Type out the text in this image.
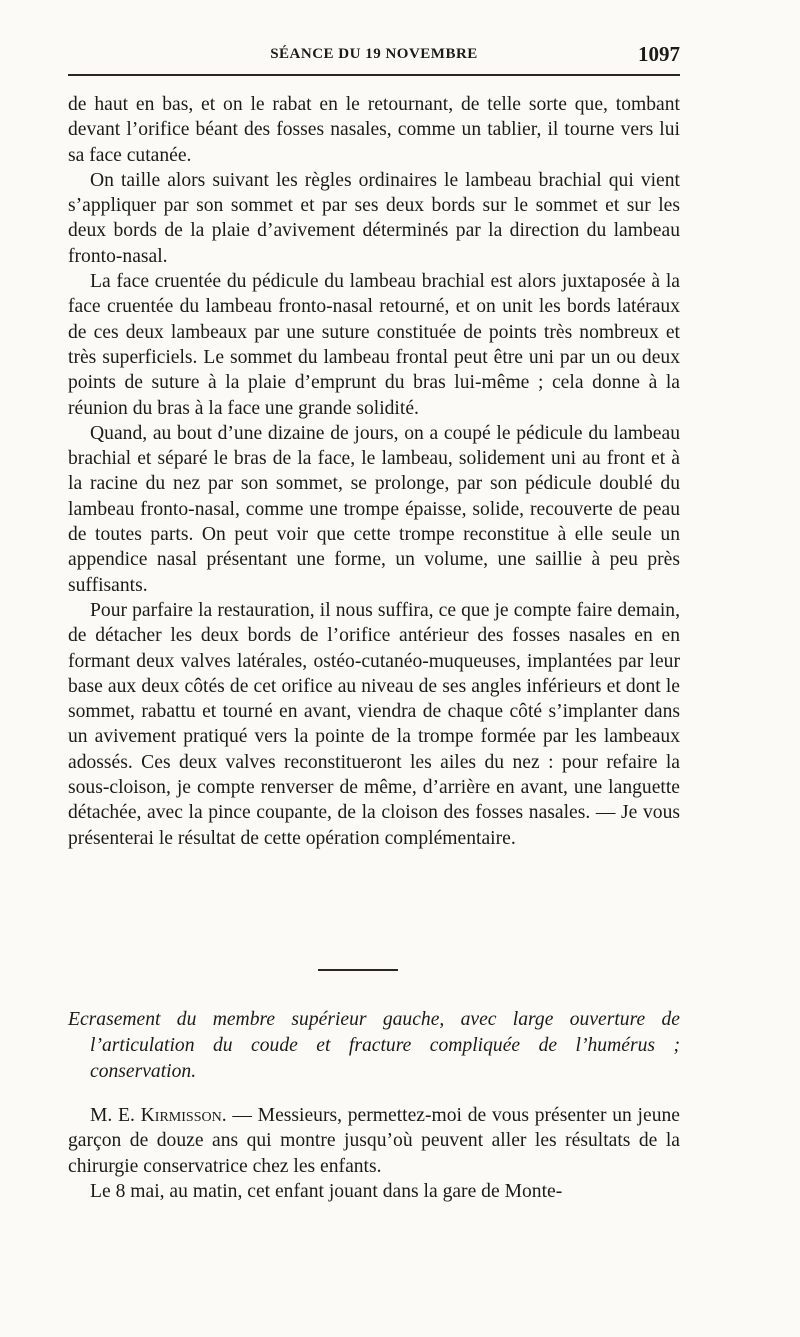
SÉANCE DU 19 NOVEMBRE	1097

de haut en bas, et on le rabat en le retournant, de telle sorte que, tombant devant l’orifice béant des fosses nasales, comme un tablier, il tourne vers lui sa face cutanée.

On taille alors suivant les règles ordinaires le lambeau brachial qui vient s’appliquer par son sommet et par ses deux bords sur le sommet et sur les deux bords de la plaie d’avivement déterminés par la direction du lambeau fronto-nasal.

La face cruentée du pédicule du lambeau brachial est alors juxtaposée à la face cruentée du lambeau fronto-nasal retourné, et on unit les bords latéraux de ces deux lambeaux par une suture constituée de points très nombreux et très superficiels. Le sommet du lambeau frontal peut être uni par un ou deux points de suture à la plaie d’emprunt du bras lui-même ; cela donne à la réunion du bras à la face une grande solidité.

Quand, au bout d’une dizaine de jours, on a coupé le pédicule du lambeau brachial et séparé le bras de la face, le lambeau, solidement uni au front et à la racine du nez par son sommet, se prolonge, par son pédicule doublé du lambeau fronto-nasal, comme une trompe épaisse, solide, recouverte de peau de toutes parts. On peut voir que cette trompe reconstitue à elle seule un appendice nasal présentant une forme, un volume, une saillie à peu près suffisants.

Pour parfaire la restauration, il nous suffira, ce que je compte faire demain, de détacher les deux bords de l’orifice antérieur des fosses nasales en en formant deux valves latérales, ostéo-cutanéo-muqueuses, implantées par leur base aux deux côtés de cet orifice au niveau de ses angles inférieurs et dont le sommet, rabattu et tourné en avant, viendra de chaque côté s’implanter dans un avivement pratiqué vers la pointe de la trompe formée par les lambeaux adossés. Ces deux valves reconstitueront les ailes du nez : pour refaire la sous-cloison, je compte renverser de même, d’arrière en avant, une languette détachée, avec la pince coupante, de la cloison des fosses nasales. — Je vous présenterai le résultat de cette opération complémentaire.

Ecrasement du membre supérieur gauche, avec large ouverture de l’articulation du coude et fracture compliquée de l’humérus ; conservation.

M. E. Kirmisson. — Messieurs, permettez-moi de vous présenter un jeune garçon de douze ans qui montre jusqu’où peuvent aller les résultats de la chirurgie conservatrice chez les enfants.

Le 8 mai, au matin, cet enfant jouant dans la gare de Monte-
